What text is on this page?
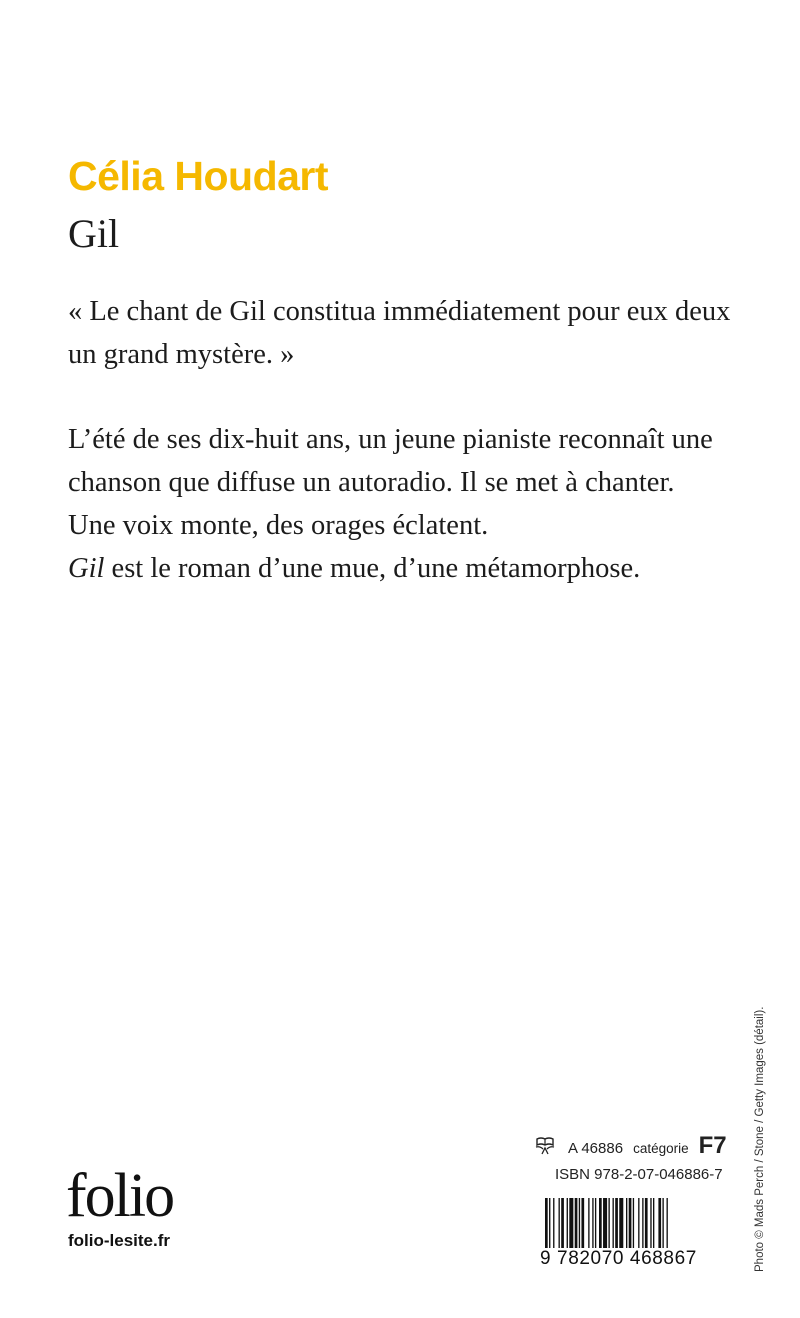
Célia Houdart
Gil
« Le chant de Gil constitua immédiatement pour eux deux un grand mystère. »
L’été de ses dix-huit ans, un jeune pianiste reconnaît une
chanson que diffuse un autoradio. Il se met à chanter.
Une voix monte, des orages éclatent.
Gil est le roman d’une mue, d’une métamorphose.
folio
folio-lesite.fr
A 46886 catégorie F7
ISBN 978-2-07-046886-7
9 782070 468867	Photo © Mads Perch / Stone / Getty Images (détail).
